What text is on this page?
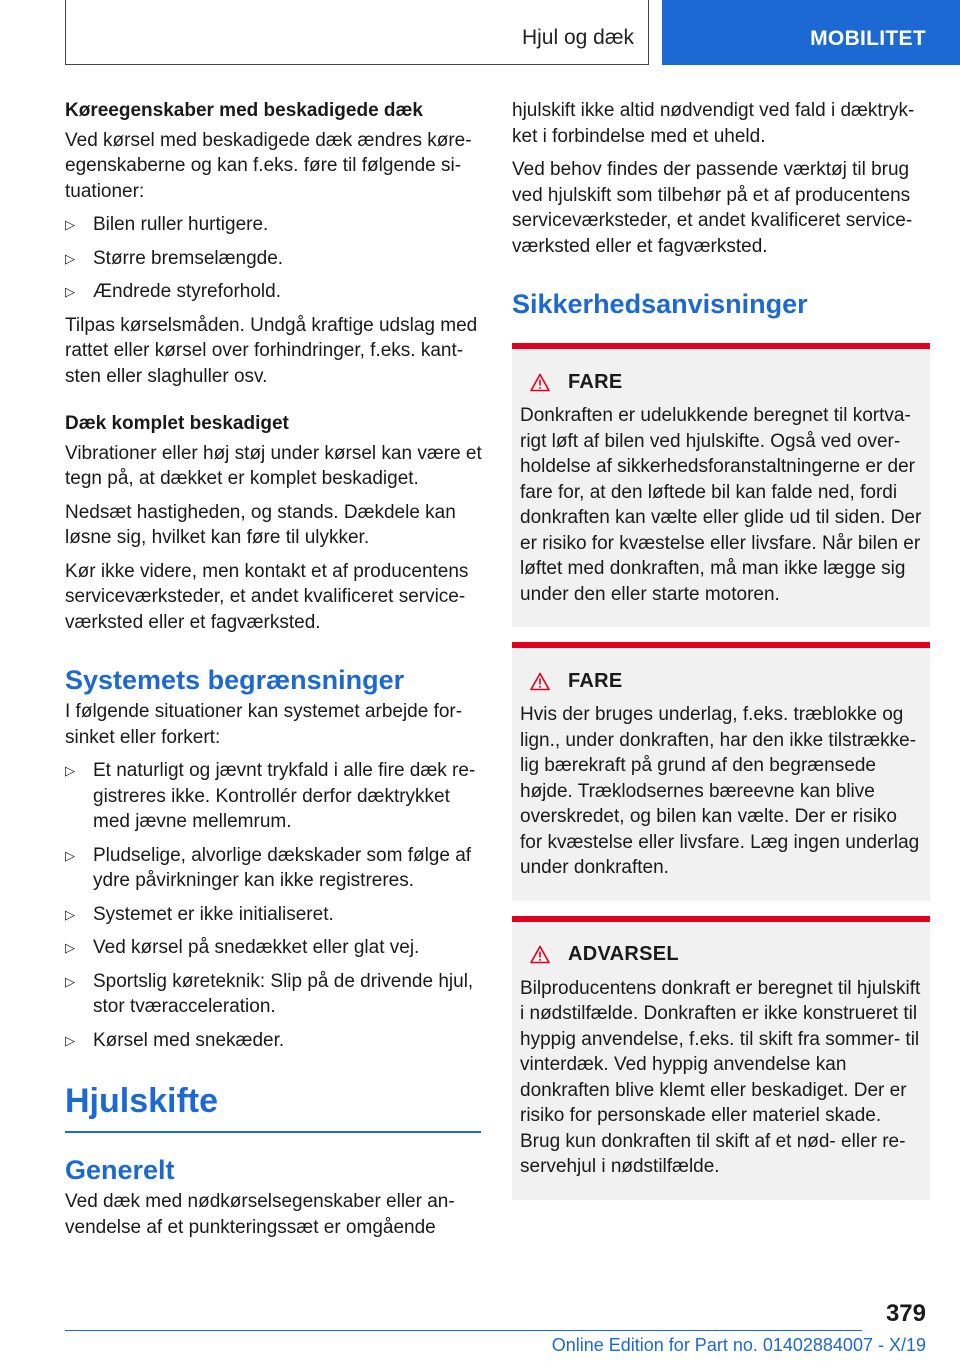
Hjul og dæk	MOBILITET
Køreegenskaber med beskadigede dæk

Ved kørsel med beskadigede dæk ændres køreegenskaberne og kan f.eks. føre til følgende situationer:

▷ Bilen ruller hurtigere.
▷ Større bremselængde.
▷ Ændrede styreforhold.

Tilpas kørselsmåden. Undgå kraftige udslag med rattet eller kørsel over forhindringer, f.eks. kantsten eller slaghuller osv.

Dæk komplet beskadiget

Vibrationer eller høj støj under kørsel kan være et tegn på, at dækket er komplet beskadiget.

Nedsæt hastigheden, og stands. Dækdele kan løsne sig, hvilket kan føre til ulykker.

Kør ikke videre, men kontakt et af producentens serviceværksteder, et andet kvalificeret serviceværksted eller et fagværksted.

Systemets begrænsninger

I følgende situationer kan systemet arbejde forsinket eller forkert:

▷ Et naturligt og jævnt trykfald i alle fire dæk registreres ikke. Kontrollér derfor dæktrykket med jævne mellemrum.
▷ Pludselige, alvorlige dækskader som følge af ydre påvirkninger kan ikke registreres.
▷ Systemet er ikke initialiseret.
▷ Ved kørsel på snedækket eller glat vej.
▷ Sportslig køreteknik: Slip på de drivende hjul, stor tværacceleration.
▷ Kørsel med snekæder.
Hjulskifte
Generelt

Ved dæk med nødkørselsegenskaber eller anvendelse af et punkteringssæt er omgående

hjulskift ikke altid nødvendigt ved fald i dæktrykket i forbindelse med et uheld.

Ved behov findes der passende værktøj til brug ved hjulskift som tilbehør på et af producentens serviceværksteder, et andet kvalificeret serviceværksted eller et fagværksted.

Sikkerhedsanvisninger
FARE

Donkraften er udelukkende beregnet til kortvarigt løft af bilen ved hjulskifte. Også ved overholdelse af sikkerhedsforanstaltningerne er der fare for, at den løftede bil kan falde ned, fordi donkraften kan vælte eller glide ud til siden. Der er risiko for kvæstelse eller livsfare. Når bilen er løftet med donkraften, må man ikke lægge sig under den eller starte motoren.

FARE

Hvis der bruges underlag, f.eks. træblokke og lign., under donkraften, har den ikke tilstrækkelig bærekraft på grund af den begrænsede højde. Træklodsernes bæreevne kan blive overskredet, og bilen kan vælte. Der er risiko for kvæstelse eller livsfare. Læg ingen underlag under donkraften.

ADVARSEL

Bilproducentens donkraft er beregnet til hjulskift i nødstilfælde. Donkraften er ikke konstrueret til hyppig anvendelse, f.eks. til skift fra sommer- til vinterdæk. Ved hyppig anvendelse kan donkraften blive klemt eller beskadiget. Der er risiko for personskade eller materiel skade. Brug kun donkraften til skift af et nød- eller reservehjul i nødstilfælde.

379
Online Edition for Part no. 01402884007 - X/19
